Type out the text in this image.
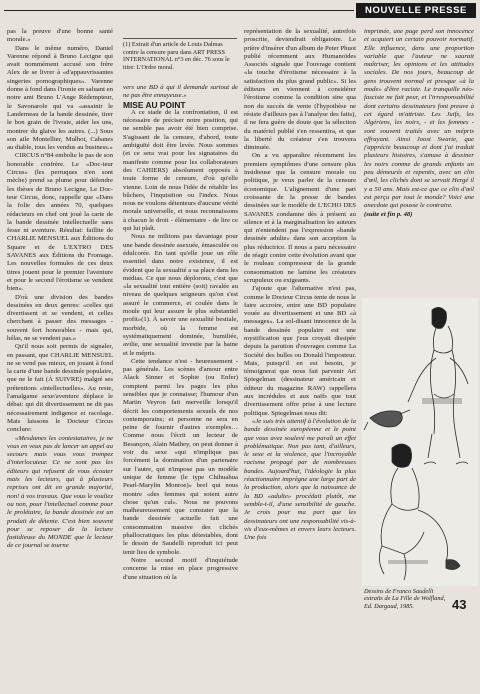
NOUVELLE PRESSE

pas la preuve d'une bonne santé morale.»

Dans le même numéro, Daniel Varenne répond à Bruno Lecigne qui avait nommément accusé son frère Alex de se livrer à «d'appauvrissantes singeries pornographiques». Varenne donne à fond dans l'ironie en saluant en notre ami Bruno L'Ange Rédempteur, le Savonarole qui va «assainir le Landerneau de la bande dessinée, tirer le bon grain de l'ivraie, aider les uns, montrer du glaive les autres. (...) Sous son aile Montellier, Mulhot, Cabanes au diable, tous les vendus au business.»

CIRCUS n°84 embolte le pas de son honorable confrère. Le «Doc-teur Circus» (les perruques n'en sont mèche) prend sa plume pour défendre les thèses de Bruno Lecigne, Le Doc-teur Circus, donc, rappelle que «Dans la folie des années 70, quelques rédacteurs en chef ont joué la carte de la bande dessinée intellectuelle sans fesse ni aventure. Résultat: faillite de CHARLIE MENSUEL aux Éditions du Square et de L'EXTRO DES SAVANES aux Éditions du Fromage. Les nouvelles formules de ces deux titres jouent pour le premier l'aventure et pour le second l'érotisme se vendent bien».

D'où une division des bandes dessinées en deux genres: «celles qui divertissent et se vendent, et celles cherchant à passer des messages - souvent fort honorables - mais qui, hélas, ne se vendent pas.»

Qu'il nous soit permis de signaler, en passant, que CHARLIE MENSUEL ne se vend pas mieux, en jouant à fond la carte d'une bande dessinée populaire, que ne le fait (À SUIVRE) malgré ses prétentions «intellectuelles». Au reste, l'amalgame sexe/aventure déplace le débat: qui dit divertissement ne dit pas nécessairement indigence et racolage. Mais laissons le Docteur Circus conclure:

«Mesdames les contestataires, je ne vous en veux pas de lancer un appel au secours mais vous vous trompez d'interlocuteur. Ce ne sont pas les éditeurs qui refusent de vous écouter mais les lecteurs, qui à plusieurs reprises ont dit en grande majorité, non! à vos travaux. Que vous le vouliez ou non, pour l'intellectuel comme pour le prolétaire, la bande dessinée est un produit de détente. C'est bien souvent pour se reposer de la lecture fastidieuse du MONDE que le lecteur de ce journal se tourne

(1) Extrait d'un article de Louis Dalmas contre la censure paru dans ART PRESS INTERNATIONAL n°3 en déc. 76 sous le titre: L'Ordre moral.

vers une BD à qui il demande surtout de ne pas être ennuyeuse.»

MISE AU POINT

A ce stade de la confrontation, il est nécessaire de préciser notre position, qui ne semble pas avoir été bien comprise. S'agissant de la censure, d'abord, toute ambiguïté doit être levée. Nous sommes (et ce sera vrai pour les signataires du manifeste comme pour les collaborateurs des CAHIERS) absolument opposés à toute forme de censure, d'où qu'elle vienne. Loin de nous l'idée de rétablir les bûchers, l'inquisition ou l'index. Nous nous ne voulons détenteurs d'aucune vérité morale universelle, et nous reconnaissons à chacun le droit - élémentaire - de lire ce qui lui plaît.

Nous ne militons pas davantage pour une bande dessinée asexuée, émasculée ou édulcorée. En tant qu'elle joue un rôle essentiel dans notre existence, il est évident que la sexualité a sa place dans les médias. Ce que nous déplorons, c'est que «la sexualité tout entière (soit) ravalée au niveau de quelques seigneurs qu'on s'est assuré le commerce, et coulée dans le moule qui leur assure le plus substantiel profit»(1). À savoir une sexualité bestiale, morbide, où la femme est systématiquement dominée, humiliée, avilie, une sexualité investie par la haine et le mépris.

Cette tendance n'est - heureusement - pas générale. Les scènes d'amour entre Alack Sinner et Sophie (ou Enfer) comptent parmi les pages les plus sensibles que je connaisse; l'humour d'un Martin Veyron fait merveille lorsqu'il décrit les comportements sexuels de nos contemporains; et personne ne sera en peine de fournir d'autres exemples… Comme nous l'écrit un lecteur de Besançon, Alain Mathey, on peut donner à voir du sexe «qui n'implique pas forcément la domination d'un partenaire sur l'autre, qui n'impose pas un modèle unique de femme (le type Chihuahua Pearl-Marylin Monroe)» bref qui nous montre «des femmes qui soient autre chose qu'un cul». Nous ne pouvons malheureusement que constater que la bande dessinée actuelle fait une consommation massive des clichés phallocratiques les plus détestables, dont le dessin de Saudelli reproduit ici peut tenir lieu de symbole.

Notre second motif d'inquiétude concerne la mise en place progressive d'une situation où la

représentation de la sexualité, autrefois proscrite, deviendrait obligatoire. Le prière d'insérer d'un album de Peter Phuot publié récemment aux Humanoïdes Associés signale que l'ouvrage contient «la touche d'érotisme nécessaire à la satisfaction du plus grand public». Si les éditeurs en viennent à considérer l'érotisme comme la condition sine qua non du succès de vente (l'hypothèse ne résiste d'ailleurs pas à l'analyse des faits), il ne fera guère de doute que la sélection du matériel publié s'en ressentira, et que la liberté du créateur s'en trouvera diminuée.

On a vu apparaître récemment les premiers symptômes d'une censure plus insidieuse que la censure morale ou politique, je veux parler de la censure économique. L'alignement d'une part croissante de la presse de bandes dessinées sur le modèle de L'ECHO DES SAVANES condamne dès à présent au silence et à la marginalisation les auteurs qui n'entendent pas l'expression «bande dessinée adulte» dans son acception la plus réductrice. Il nous a paru nécessaire de réagir contre cette évolution avant que le rouleau compresseur de la grande consommation ne lamine les créateurs scrupuleux ou exigeants.

J'ajoute que l'alternative n'est pas, comme le Docteur Circus tente de nous le faire accroire, entre une BD populaire vouée au divertissement et une BD «à messages». La sol-disant innocence de la bande dessinée populaire est une mystification que j'eus croyait dissipée depuis la parution d'ouvrages comme La Société des bulles ou Donald l'imposteur. Mais, puisqu'il en est besoin, je témoignerai que nous fait parvenir Art Spiegelman (dessinateur américain et éditeur du magazine RAW) rappellera aux incrédules et aux naïfs que tout divertissement offre prise à une lecture politique. Spiegelman nous dit:

«Je suis très attentif à l'évolution de la bande dessinée européenne et le point que vous avez soulevé me paraît un effet problématique. Non pas tant, d'ailleurs, le sexe et la violence, que l'incroyable racisme propagé par de nombreuses bandes. Aujourd'hui, l'idéologie la plus réactionnaire imprègne une large part de la production, alors que la naissance de la BD «adulte» procédait plutôt, me semble-t-il, d'une sensibilité de gauche. Je crois pour ma part que les dessinateurs ont une responsabilité vis-à-vis d'eux-mêmes et envers leurs lecteurs. Une fois

imprimée, une page perd son innocence et acquiert un certain pouvoir normatif. Elle influence, dans une proportion variable que l'auteur ne saurait maîtriser, les opinions et les attitudes sociales. De nos jours, beaucoup de gens trouvent normal et presque «à la mode» d'être raciste. Le tranquille néo-fasciste ne fait peur, et l'irresponsabilité dont certains dessinateurs font preuve à cet égard m'attriste. Les Juifs, les Algériens, les noirs, - et les femmes - sont souvent traités avec un mépris effrayant. Ainsi Joost Swarte, que j'apprécie beaucoup et dont j'ai traduit plusieurs histoires, s'amuse à dessiner les noirs comme de grands enfants un peu démeurés et repentis, avec un clin d'œil, les clichés dont se servait Hergé il y a 50 ans. Mais est-ce que ce clin d'œil est perçu par tout le monde? Voici une anecdote qui pousse le contraire.

(suite et fin p. 48)

Dessins de Franco Saudelli extraits de La Fille de Wolfland, Ed. Dargaud, 1985.	43
